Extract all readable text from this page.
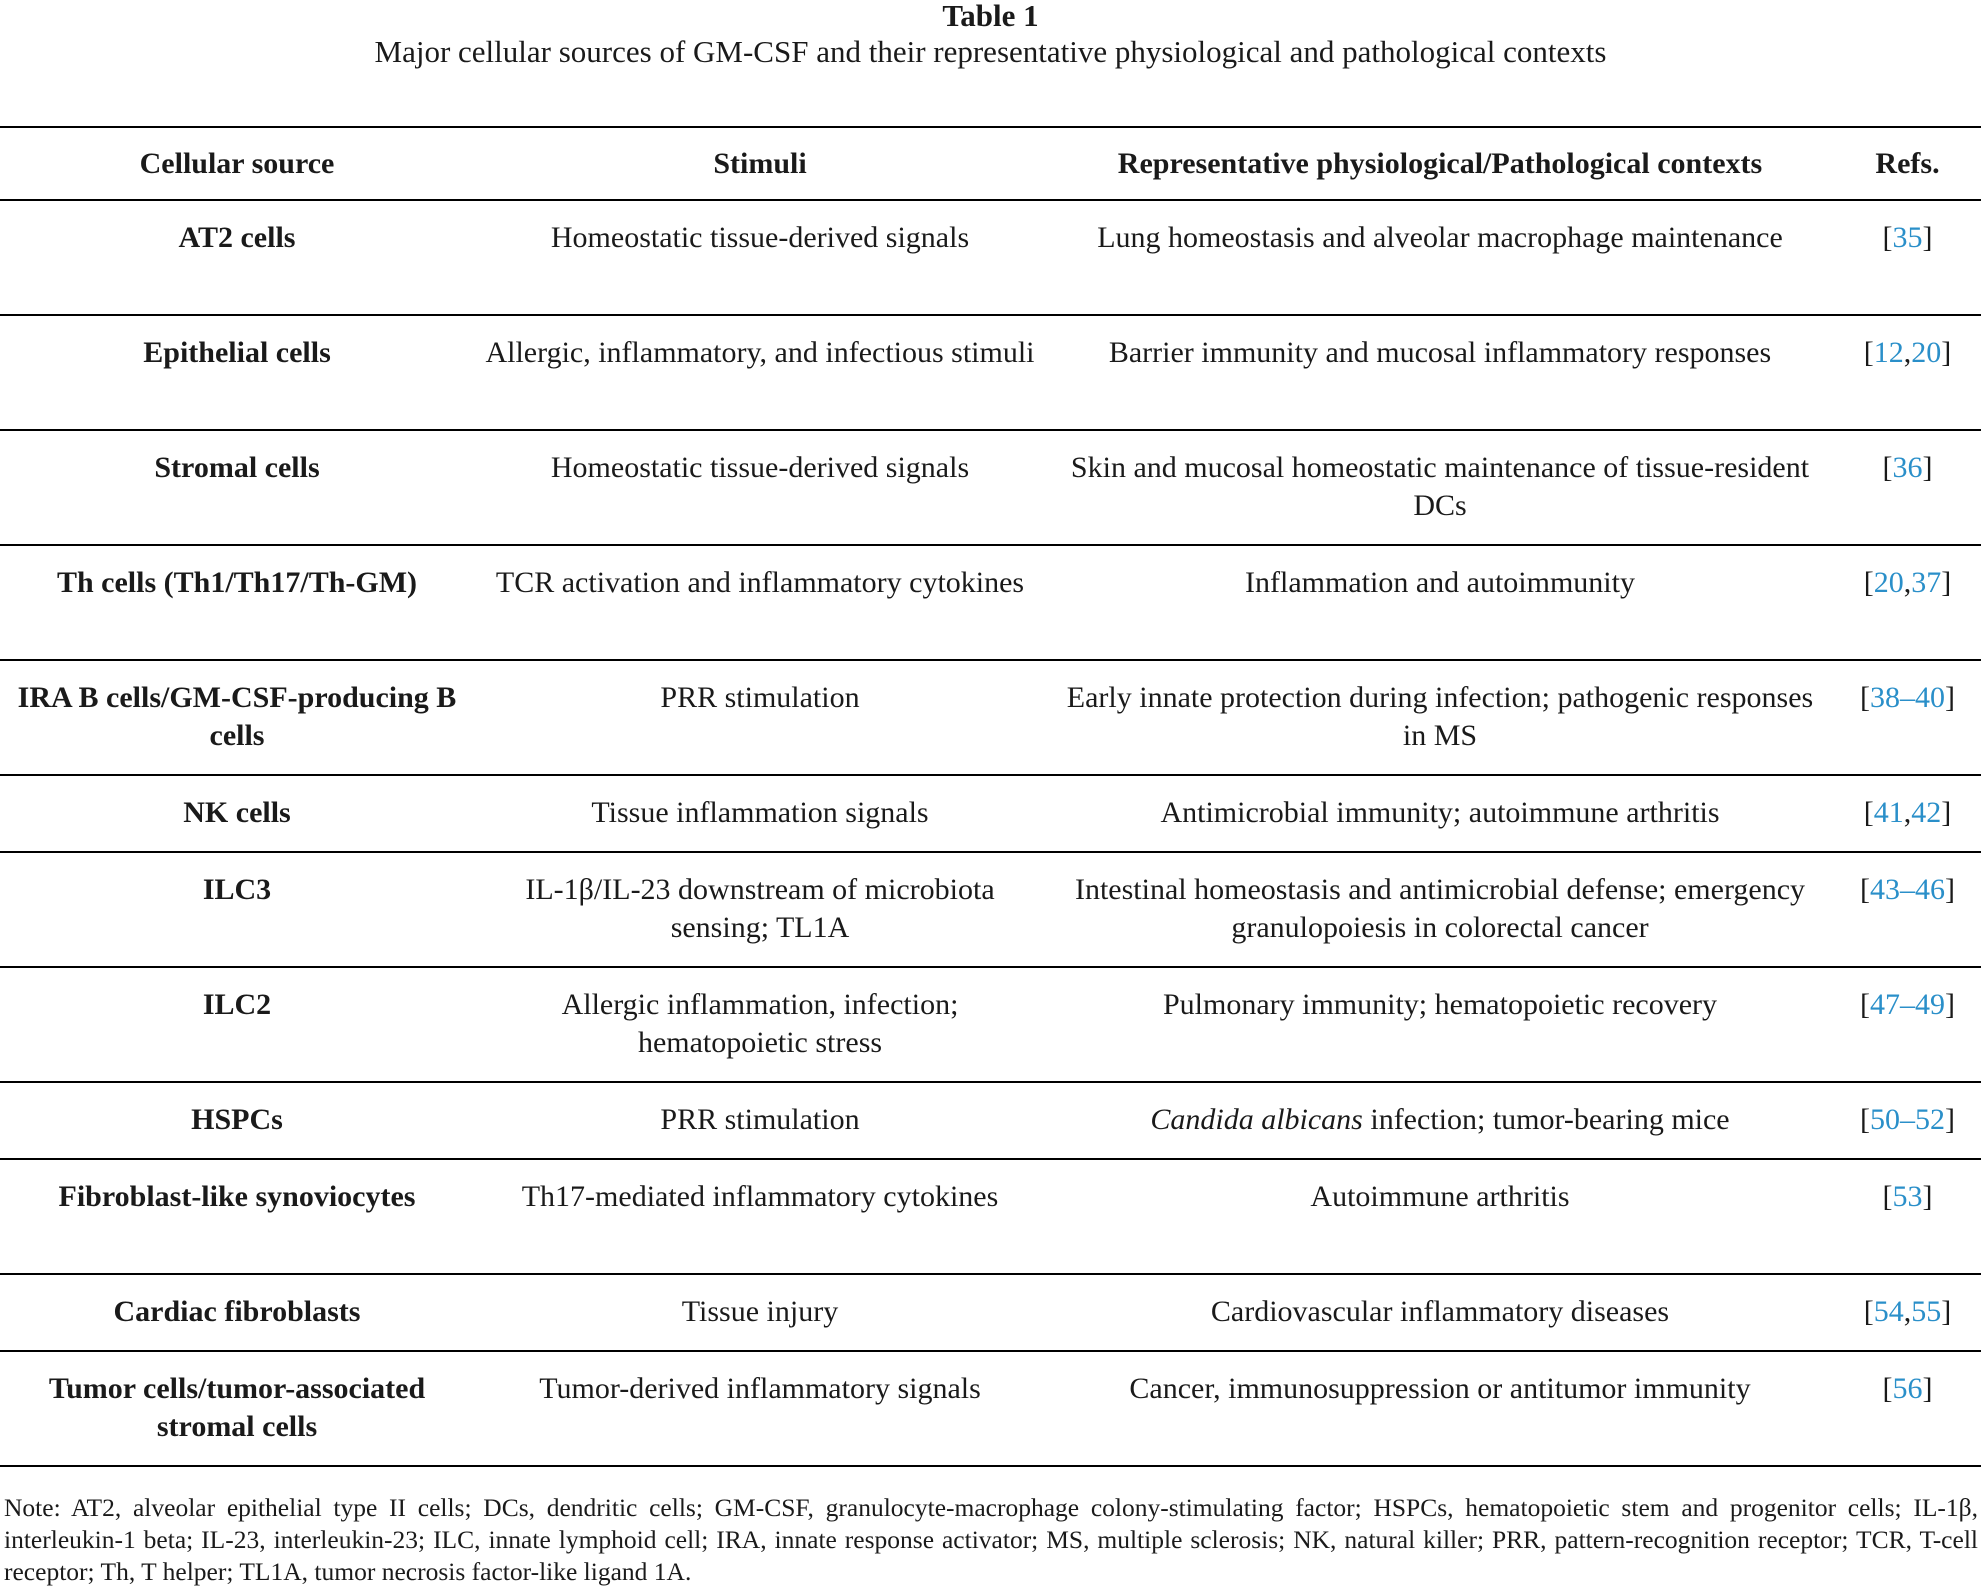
Table 1
Major cellular sources of GM-CSF and their representative physiological and pathological contexts
Cellular source	Stimuli	Representative physiological/Pathological contexts	Refs.
AT2 cells	Homeostatic tissue-derived signals	Lung homeostasis and alveolar macrophage maintenance	[35]
Epithelial cells	Allergic, inflammatory, and infectious stimuli	Barrier immunity and mucosal inflammatory responses	[12,20]
Stromal cells	Homeostatic tissue-derived signals	Skin and mucosal homeostatic maintenance of tissue-resident DCs	[36]
Th cells (Th1/Th17/Th-GM)	TCR activation and inflammatory cytokines	Inflammation and autoimmunity	[20,37]
IRA B cells/GM-CSF-producing B cells	PRR stimulation	Early innate protection during infection; pathogenic responses in MS	[38–40]
NK cells	Tissue inflammation signals	Antimicrobial immunity; autoimmune arthritis	[41,42]
ILC3	IL-1β/IL-23 downstream of microbiota sensing; TL1A	Intestinal homeostasis and antimicrobial defense; emergency granulopoiesis in colorectal cancer	[43–46]
ILC2	Allergic inflammation, infection; hematopoietic stress	Pulmonary immunity; hematopoietic recovery	[47–49]
HSPCs	PRR stimulation	Candida albicans infection; tumor-bearing mice	[50–52]
Fibroblast-like synoviocytes	Th17-mediated inflammatory cytokines	Autoimmune arthritis	[53]
Cardiac fibroblasts	Tissue injury	Cardiovascular inflammatory diseases	[54,55]
Tumor cells/tumor-associated stromal cells	Tumor-derived inflammatory signals	Cancer, immunosuppression or antitumor immunity	[56]
Note: AT2, alveolar epithelial type II cells; DCs, dendritic cells; GM-CSF, granulocyte-macrophage colony-stimulating factor; HSPCs, hematopoietic stem and progenitor cells; IL-1β, interleukin-1 beta; IL-23, interleukin-23; ILC, innate lymphoid cell; IRA, innate response activator; MS, multiple sclerosis; NK, natural killer; PRR, pattern-recognition receptor; TCR, T-cell receptor; Th, T helper; TL1A, tumor necrosis factor-like ligand 1A.
